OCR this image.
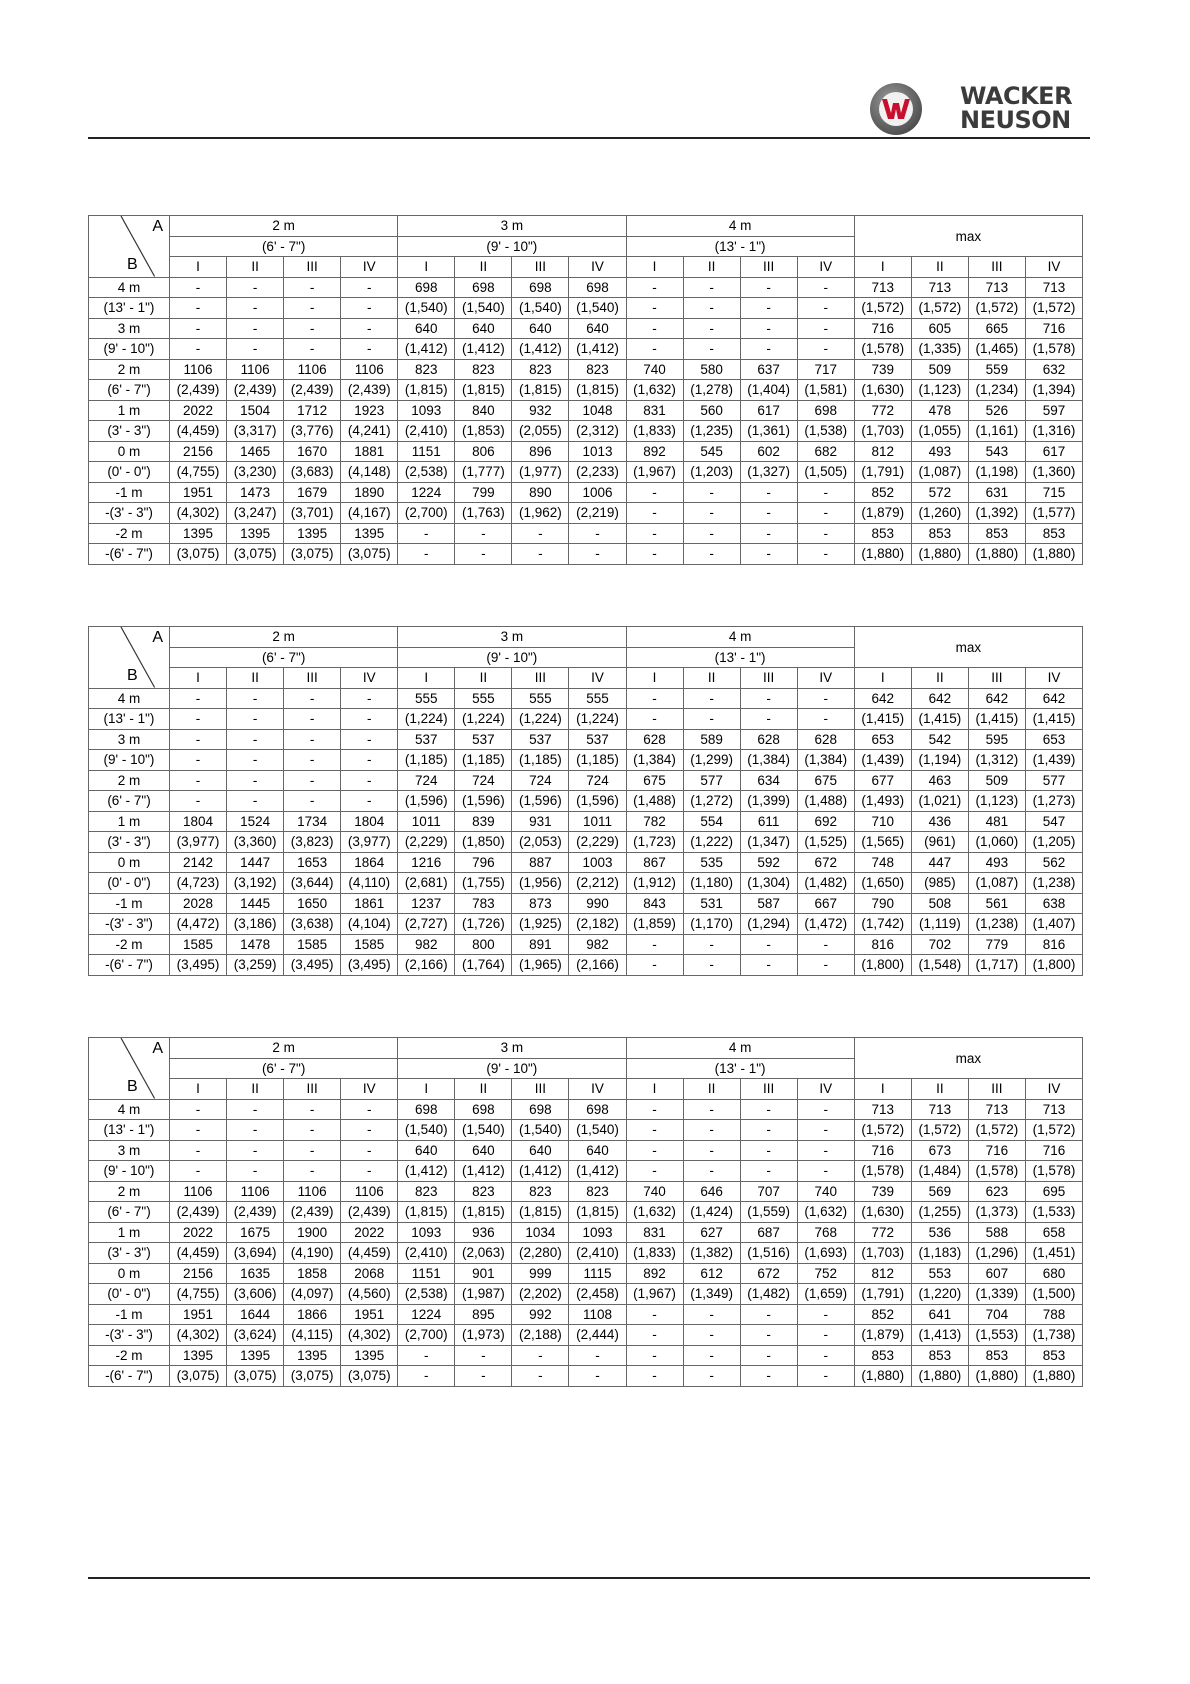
WACKER
NEUSON
A
B	2 m				3 m				4 m				max			
	(6' - 7")				(9' - 10")				(13' - 1")							
	I	II	III	IV	I	II	III	IV	I	II	III	IV	I	II	III	IV
4 m	-	-	-	-	698	698	698	698	-	-	-	-	713	713	713	713
(13' - 1")	-	-	-	-	(1,540)	(1,540)	(1,540)	(1,540)	-	-	-	-	(1,572)	(1,572)	(1,572)	(1,572)
3 m	-	-	-	-	640	640	640	640	-	-	-	-	716	605	665	716
(9' - 10")	-	-	-	-	(1,412)	(1,412)	(1,412)	(1,412)	-	-	-	-	(1,578)	(1,335)	(1,465)	(1,578)
2 m	1106	1106	1106	1106	823	823	823	823	740	580	637	717	739	509	559	632
(6' - 7")	(2,439)	(2,439)	(2,439)	(2,439)	(1,815)	(1,815)	(1,815)	(1,815)	(1,632)	(1,278)	(1,404)	(1,581)	(1,630)	(1,123)	(1,234)	(1,394)
1 m	2022	1504	1712	1923	1093	840	932	1048	831	560	617	698	772	478	526	597
(3' - 3")	(4,459)	(3,317)	(3,776)	(4,241)	(2,410)	(1,853)	(2,055)	(2,312)	(1,833)	(1,235)	(1,361)	(1,538)	(1,703)	(1,055)	(1,161)	(1,316)
0 m	2156	1465	1670	1881	1151	806	896	1013	892	545	602	682	812	493	543	617
(0' - 0")	(4,755)	(3,230)	(3,683)	(4,148)	(2,538)	(1,777)	(1,977)	(2,233)	(1,967)	(1,203)	(1,327)	(1,505)	(1,791)	(1,087)	(1,198)	(1,360)
-1 m	1951	1473	1679	1890	1224	799	890	1006	-	-	-	-	852	572	631	715
-(3' - 3")	(4,302)	(3,247)	(3,701)	(4,167)	(2,700)	(1,763)	(1,962)	(2,219)	-	-	-	-	(1,879)	(1,260)	(1,392)	(1,577)
-2 m	1395	1395	1395	1395	-	-	-	-	-	-	-	-	853	853	853	853
-(6' - 7")	(3,075)	(3,075)	(3,075)	(3,075)	-	-	-	-	-	-	-	-	(1,880)	(1,880)	(1,880)	(1,880)
A
B	2 m				3 m				4 m				max			
	(6' - 7")				(9' - 10")				(13' - 1")							
	I	II	III	IV	I	II	III	IV	I	II	III	IV	I	II	III	IV
4 m	-	-	-	-	555	555	555	555	-	-	-	-	642	642	642	642
(13' - 1")	-	-	-	-	(1,224)	(1,224)	(1,224)	(1,224)	-	-	-	-	(1,415)	(1,415)	(1,415)	(1,415)
3 m	-	-	-	-	537	537	537	537	628	589	628	628	653	542	595	653
(9' - 10")	-	-	-	-	(1,185)	(1,185)	(1,185)	(1,185)	(1,384)	(1,299)	(1,384)	(1,384)	(1,439)	(1,194)	(1,312)	(1,439)
2 m	-	-	-	-	724	724	724	724	675	577	634	675	677	463	509	577
(6' - 7")	-	-	-	-	(1,596)	(1,596)	(1,596)	(1,596)	(1,488)	(1,272)	(1,399)	(1,488)	(1,493)	(1,021)	(1,123)	(1,273)
1 m	1804	1524	1734	1804	1011	839	931	1011	782	554	611	692	710	436	481	547
(3' - 3")	(3,977)	(3,360)	(3,823)	(3,977)	(2,229)	(1,850)	(2,053)	(2,229)	(1,723)	(1,222)	(1,347)	(1,525)	(1,565)	(961)	(1,060)	(1,205)
0 m	2142	1447	1653	1864	1216	796	887	1003	867	535	592	672	748	447	493	562
(0' - 0")	(4,723)	(3,192)	(3,644)	(4,110)	(2,681)	(1,755)	(1,956)	(2,212)	(1,912)	(1,180)	(1,304)	(1,482)	(1,650)	(985)	(1,087)	(1,238)
-1 m	2028	1445	1650	1861	1237	783	873	990	843	531	587	667	790	508	561	638
-(3' - 3")	(4,472)	(3,186)	(3,638)	(4,104)	(2,727)	(1,726)	(1,925)	(2,182)	(1,859)	(1,170)	(1,294)	(1,472)	(1,742)	(1,119)	(1,238)	(1,407)
-2 m	1585	1478	1585	1585	982	800	891	982	-	-	-	-	816	702	779	816
-(6' - 7")	(3,495)	(3,259)	(3,495)	(3,495)	(2,166)	(1,764)	(1,965)	(2,166)	-	-	-	-	(1,800)	(1,548)	(1,717)	(1,800)
A
B	2 m				3 m				4 m				max			
	(6' - 7")				(9' - 10")				(13' - 1")							
	I	II	III	IV	I	II	III	IV	I	II	III	IV	I	II	III	IV
4 m	-	-	-	-	698	698	698	698	-	-	-	-	713	713	713	713
(13' - 1")	-	-	-	-	(1,540)	(1,540)	(1,540)	(1,540)	-	-	-	-	(1,572)	(1,572)	(1,572)	(1,572)
3 m	-	-	-	-	640	640	640	640	-	-	-	-	716	673	716	716
(9' - 10")	-	-	-	-	(1,412)	(1,412)	(1,412)	(1,412)	-	-	-	-	(1,578)	(1,484)	(1,578)	(1,578)
2 m	1106	1106	1106	1106	823	823	823	823	740	646	707	740	739	569	623	695
(6' - 7")	(2,439)	(2,439)	(2,439)	(2,439)	(1,815)	(1,815)	(1,815)	(1,815)	(1,632)	(1,424)	(1,559)	(1,632)	(1,630)	(1,255)	(1,373)	(1,533)
1 m	2022	1675	1900	2022	1093	936	1034	1093	831	627	687	768	772	536	588	658
(3' - 3")	(4,459)	(3,694)	(4,190)	(4,459)	(2,410)	(2,063)	(2,280)	(2,410)	(1,833)	(1,382)	(1,516)	(1,693)	(1,703)	(1,183)	(1,296)	(1,451)
0 m	2156	1635	1858	2068	1151	901	999	1115	892	612	672	752	812	553	607	680
(0' - 0")	(4,755)	(3,606)	(4,097)	(4,560)	(2,538)	(1,987)	(2,202)	(2,458)	(1,967)	(1,349)	(1,482)	(1,659)	(1,791)	(1,220)	(1,339)	(1,500)
-1 m	1951	1644	1866	1951	1224	895	992	1108	-	-	-	-	852	641	704	788
-(3' - 3")	(4,302)	(3,624)	(4,115)	(4,302)	(2,700)	(1,973)	(2,188)	(2,444)	-	-	-	-	(1,879)	(1,413)	(1,553)	(1,738)
-2 m	1395	1395	1395	1395	-	-	-	-	-	-	-	-	853	853	853	853
-(6' - 7")	(3,075)	(3,075)	(3,075)	(3,075)	-	-	-	-	-	-	-	-	(1,880)	(1,880)	(1,880)	(1,880)
